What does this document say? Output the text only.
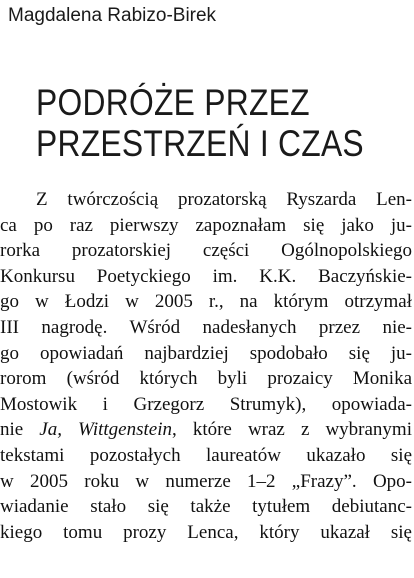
Magdalena Rabizo-Birek
PODRÓŻE PRZEZ
PRZESTRZEŃ I CZAS
Z twórczością prozatorską Ryszarda Len-
ca po raz pierwszy zapoznałam się jako ju-
rorka prozatorskiej części Ogólnopolskiego
Konkursu Poetyckiego im. K.K. Baczyńskie-
go w Łodzi w 2005 r., na którym otrzymał
III nagrodę. Wśród nadesłanych przez nie-
go opowiadań najbardziej spodobało się ju-
rorom (wśród których byli prozaicy Monika
Mostowik i Grzegorz Strumyk), opowiada-
nie Ja, Wittgenstein, które wraz z wybranymi
tekstami pozostałych laureatów ukazało się
w 2005 roku w numerze 1–2 „Frazy”. Opo-
wiadanie stało się także tytułem debiutanc-
kiego tomu prozy Lenca, który ukazał się
